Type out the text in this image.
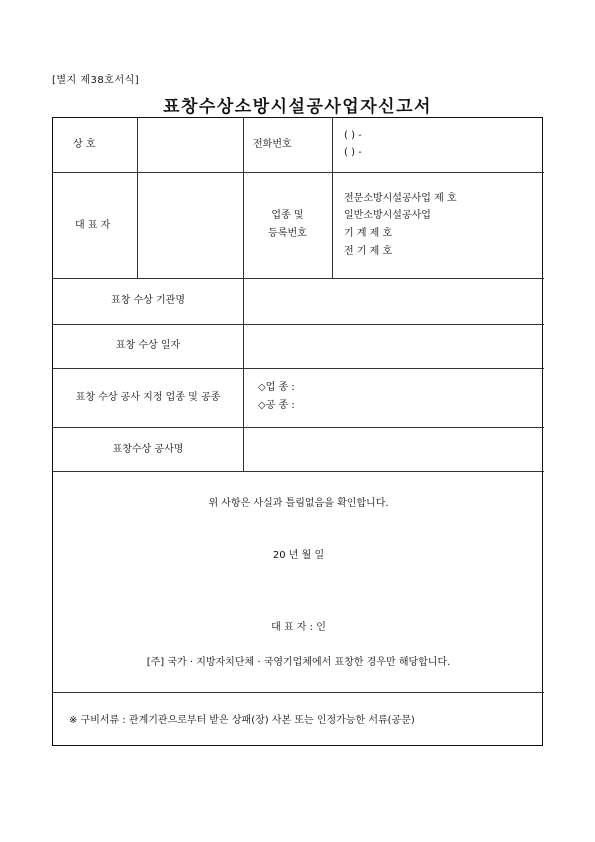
[별지 제38호서식]
표창수상소방시설공사업자신고서
상 호	전화번호
( ) -
( ) -
대 표 자
업종 및
등록번호
전문소방시설공사업 제 호
일반소방시설공사업
기 계 제 호
전 기 제 호
표창 수상 기관명
표창 수상 일자
표창 수상 공사 지정 업종 및 공종
◇업 종 :
◇공 종 :
표창수상 공사명
위 사항은 사실과 틀림없음을 확인합니다.
20 년 월 일
대 표 자 : 인
[주] 국가 · 지방자치단체 · 국영기업체에서 표창한 경우만 해당합니다.
※ 구비서류 : 관계기관으로부터 받은 상패(장) 사본 또는 인정가능한 서류(공문)
